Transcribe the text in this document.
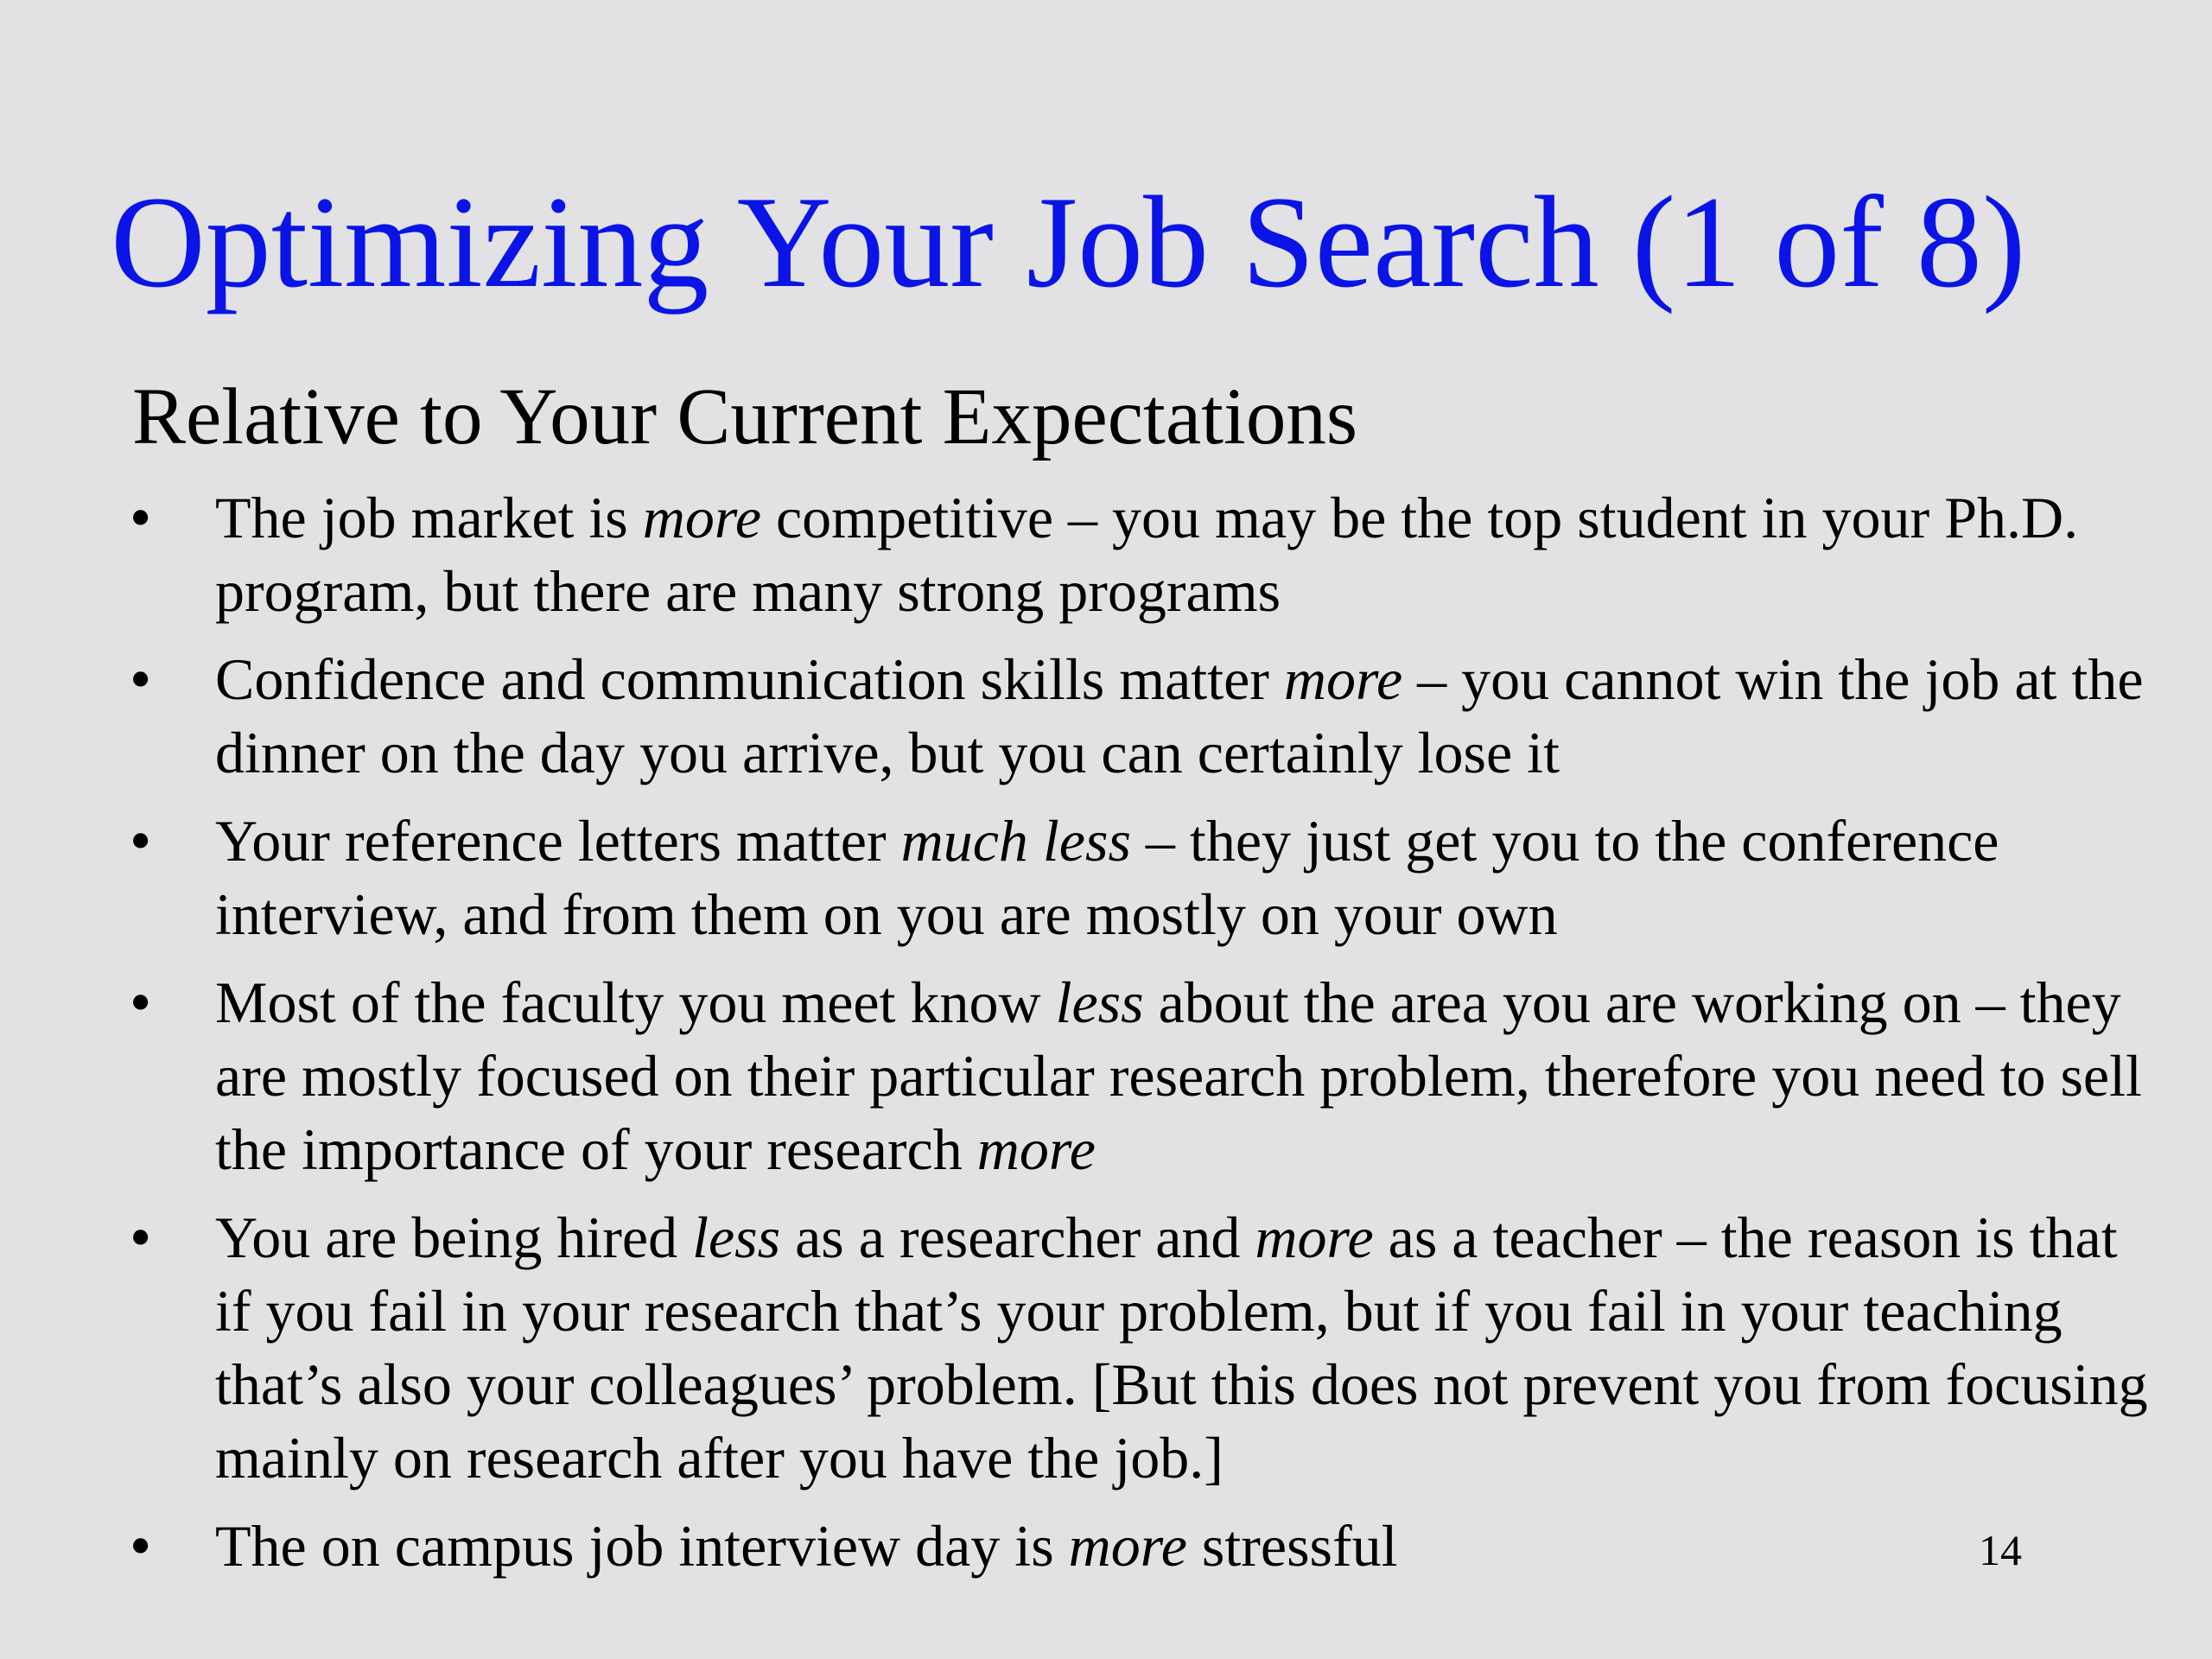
Optimizing Your Job Search (1 of 8)
Relative to Your Current Expectations
• The job market is more competitive – you may be the top student in your Ph.D. program, but there are many strong programs
• Confidence and communication skills matter more – you cannot win the job at the dinner on the day you arrive, but you can certainly lose it
• Your reference letters matter much less – they just get you to the conference interview, and from them on you are mostly on your own
• Most of the faculty you meet know less about the area you are working on – they are mostly focused on their particular research problem, therefore you need to sell the importance of your research more
• You are being hired less as a researcher and more as a teacher – the reason is that if you fail in your research that’s your problem, but if you fail in your teaching that’s also your colleagues’ problem. [But this does not prevent you from focusing mainly on research after you have the job.]
• The on campus job interview day is more stressful	14
